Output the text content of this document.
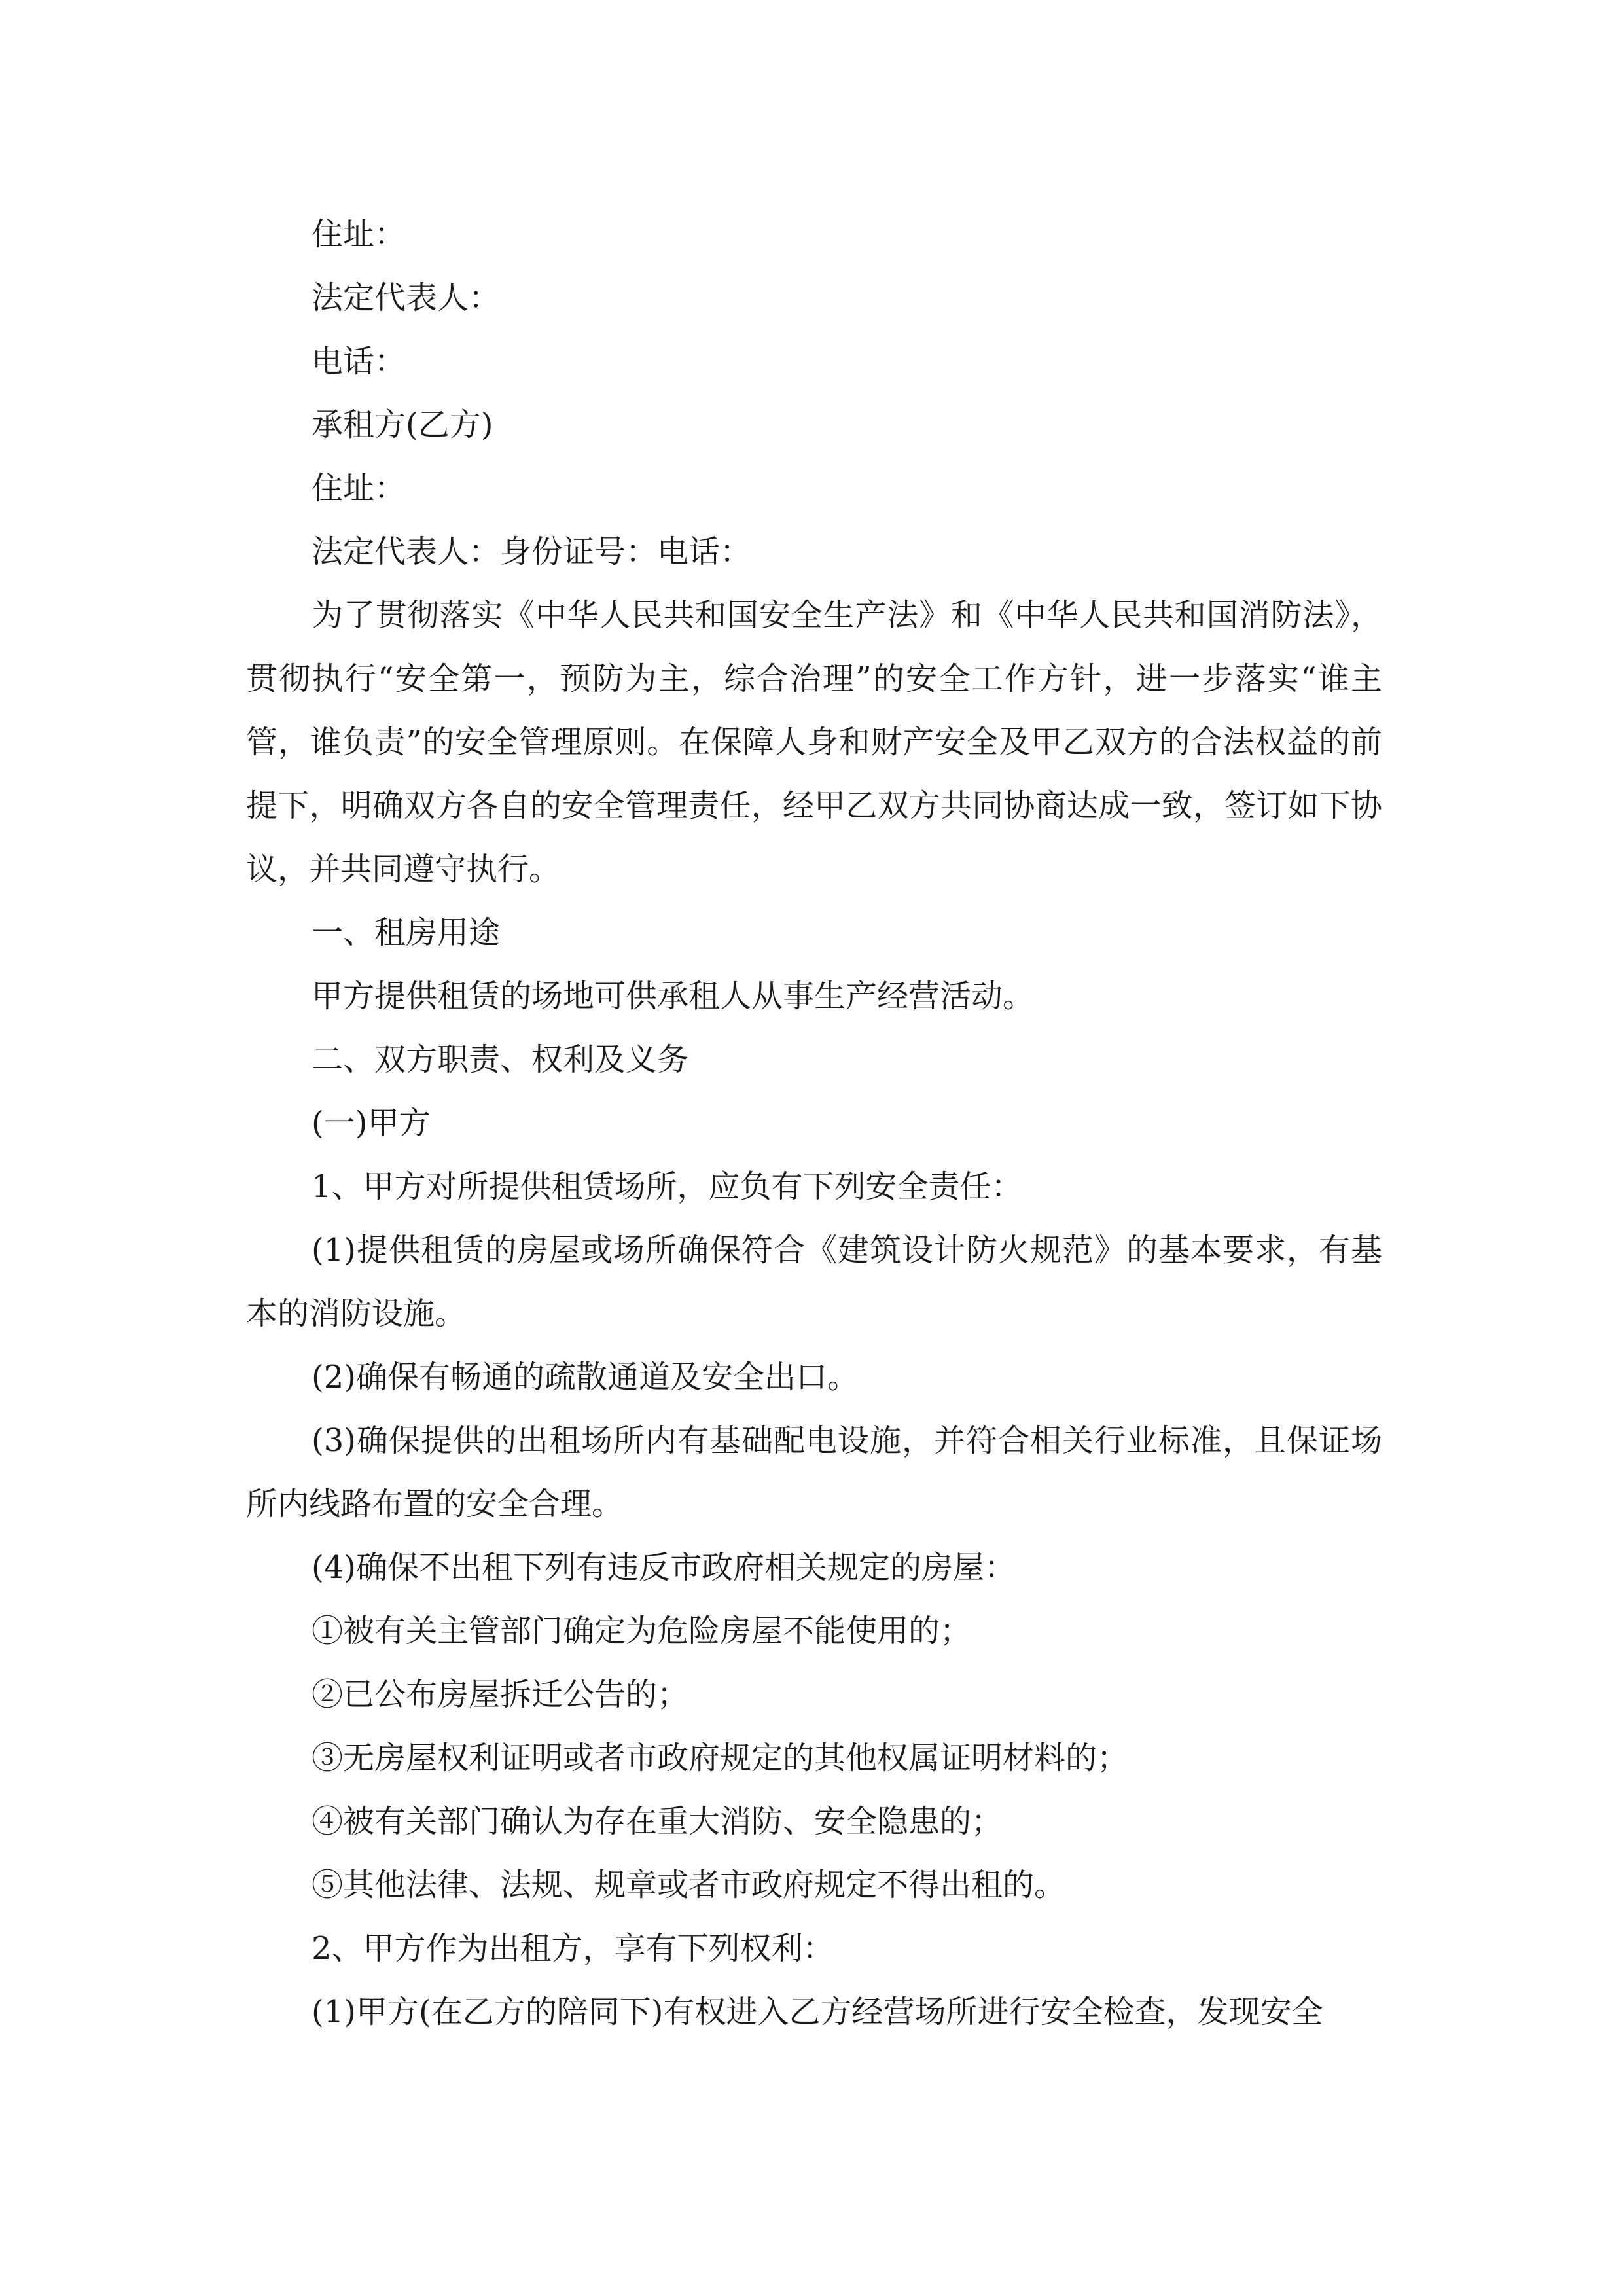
住址：

法定代表人：

电话：

承租方(乙方)

住址：

法定代表人：身份证号：电话：

为了贯彻落实《中华人民共和国安全生产法》和《中华人民共和国消防法》，贯彻执行“安全第一，预防为主，综合治理”的安全工作方针，进一步落实“谁主管，谁负责”的安全管理原则。在保障人身和财产安全及甲乙双方的合法权益的前提下，明确双方各自的安全管理责任，经甲乙双方共同协商达成一致，签订如下协议，并共同遵守执行。

一、租房用途

甲方提供租赁的场地可供承租人从事生产经营活动。

二、双方职责、权利及义务

(一)甲方

1、甲方对所提供租赁场所，应负有下列安全责任：

(1)提供租赁的房屋或场所确保符合《建筑设计防火规范》的基本要求，有基本的消防设施。

(2)确保有畅通的疏散通道及安全出口。

(3)确保提供的出租场所内有基础配电设施，并符合相关行业标准，且保证场所内线路布置的安全合理。

(4)确保不出租下列有违反市政府相关规定的房屋：

①被有关主管部门确定为危险房屋不能使用的；

②已公布房屋拆迁公告的；

③无房屋权利证明或者市政府规定的其他权属证明材料的；

④被有关部门确认为存在重大消防、安全隐患的；

⑤其他法律、法规、规章或者市政府规定不得出租的。

2、甲方作为出租方，享有下列权利：

(1)甲方(在乙方的陪同下)有权进入乙方经营场所进行安全检查，发现安全
